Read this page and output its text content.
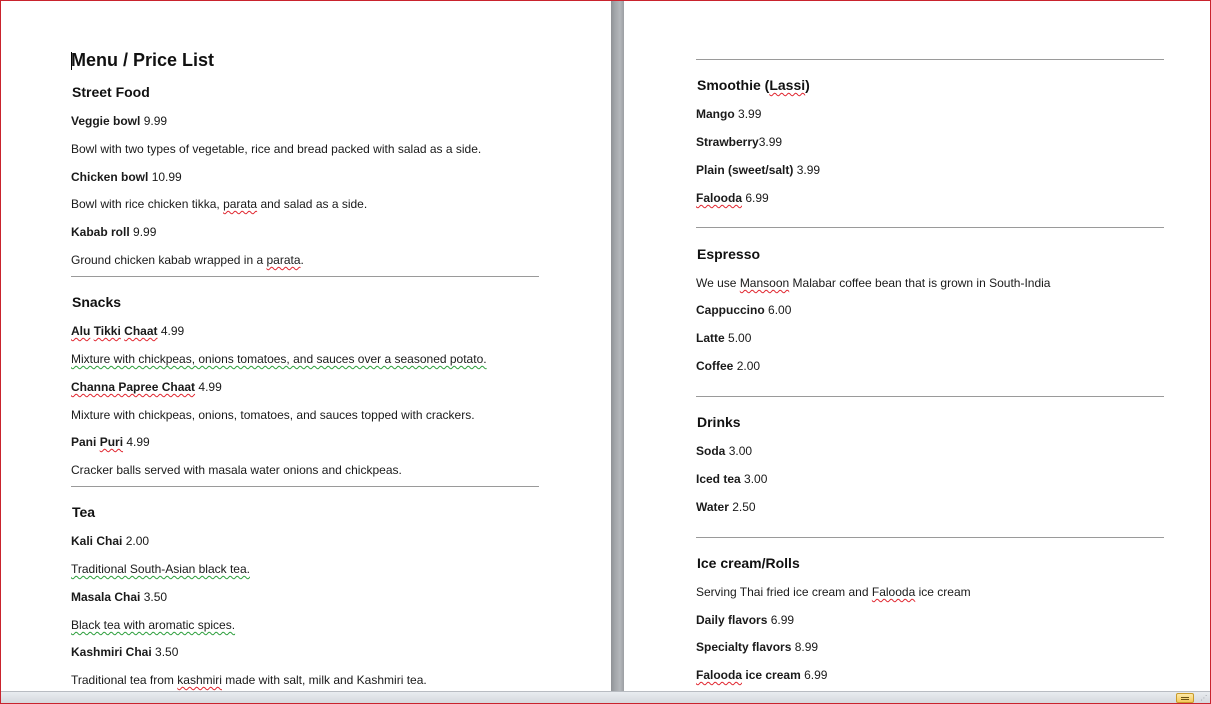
Menu / Price List
Street Food
Veggie bowl 9.99
Bowl with two types of vegetable, rice and bread packed with salad as a side.
Chicken bowl 10.99
Bowl with rice chicken tikka, parata and salad as a side.
Kabab roll 9.99
Ground chicken kabab wrapped in a parata.
Snacks
Alu Tikki Chaat 4.99
Mixture with chickpeas, onions tomatoes, and sauces over a seasoned potato.
Channa Papree Chaat 4.99
Mixture with chickpeas, onions, tomatoes, and sauces topped with crackers.
Pani Puri 4.99
Cracker balls served with masala water onions and chickpeas.
Tea
Kali Chai 2.00
Traditional South-Asian black tea.
Masala Chai 3.50
Black tea with aromatic spices.
Kashmiri Chai 3.50
Traditional tea from kashmiri made with salt, milk and Kashmiri tea.
Smoothie (Lassi)
Mango 3.99
Strawberry3.99
Plain (sweet/salt) 3.99
Falooda 6.99
Espresso
We use Mansoon Malabar coffee bean that is grown in South-India
Cappuccino 6.00
Latte 5.00
Coffee 2.00
Drinks
Soda 3.00
Iced tea 3.00
Water 2.50
Ice cream/Rolls
Serving Thai fried ice cream and Falooda ice cream
Daily flavors 6.99
Specialty flavors 8.99
Falooda ice cream 6.99
⋰
